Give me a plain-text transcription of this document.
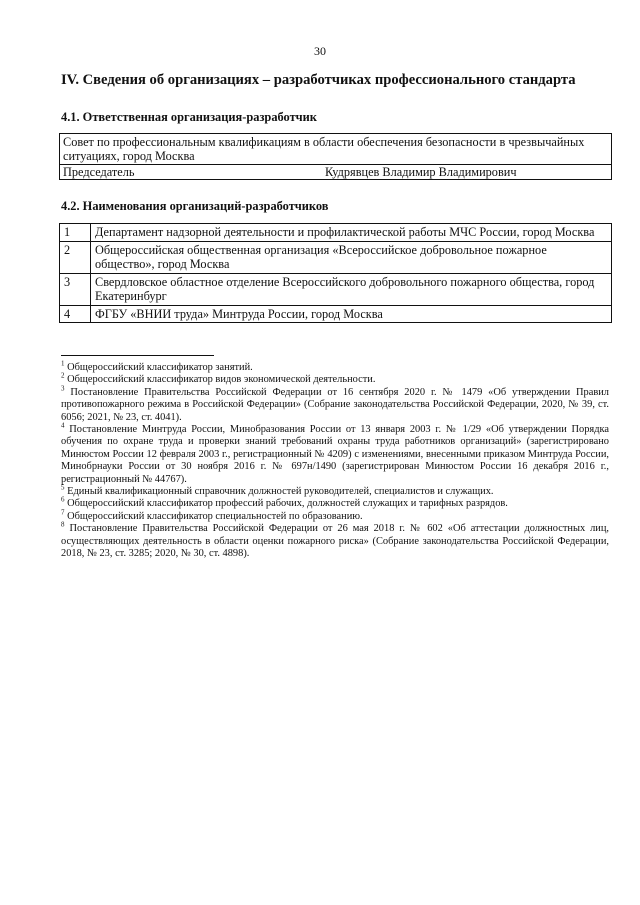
30
IV. Сведения об организациях – разработчиках профессионального стандарта
4.1. Ответственная организация-разработчик
Совет по профессиональным квалификациям в области обеспечения безопасности в чрезвычайных ситуациях, город Москва
Председатель	Кудрявцев Владимир Владимирович
4.2. Наименования организаций-разработчиков
1	Департамент надзорной деятельности и профилактической работы МЧС России, город Москва
2	Общероссийская общественная организация «Всероссийское добровольное пожарное общество», город Москва
3	Свердловское областное отделение Всероссийского добровольного пожарного общества, город Екатеринбург
4	ФГБУ «ВНИИ труда» Минтруда России, город Москва

$^1$ Общероссийский классификатор занятий.

$^2$ Общероссийский классификатор видов экономической деятельности.

$^3$ Постановление Правительства Российской Федерации от 16 сентября 2020 г. № 1479 «Об утверждении Правил противопожарного режима в Российской Федерации» (Собрание законодательства Российской Федерации, 2020, № 39, ст. 6056; 2021, № 23, ст. 4041).

$^4$ Постановление Минтруда России, Минобразования России от 13 января 2003 г. № 1/29 «Об утверждении Порядка обучения по охране труда и проверки знаний требований охраны труда работников организаций» (зарегистрировано Минюстом России 12 февраля 2003 г., регистрационный № 4209) с изменениями, внесенными приказом Минтруда России, Минобрнауки России от 30 ноября 2016 г. № 697н/1490 (зарегистрирован Минюстом России 16 декабря 2016 г., регистрационный № 44767).

$^5$ Единый квалификационный справочник должностей руководителей, специалистов и служащих.

$^6$ Общероссийский классификатор профессий рабочих, должностей служащих и тарифных разрядов.

$^7$ Общероссийский классификатор специальностей по образованию.

$^8$ Постановление Правительства Российской Федерации от 26 мая 2018 г. № 602 «Об аттестации должностных лиц, осуществляющих деятельность в области оценки пожарного риска» (Собрание законодательства Российской Федерации, 2018, № 23, ст. 3285; 2020, № 30, ст. 4898).
